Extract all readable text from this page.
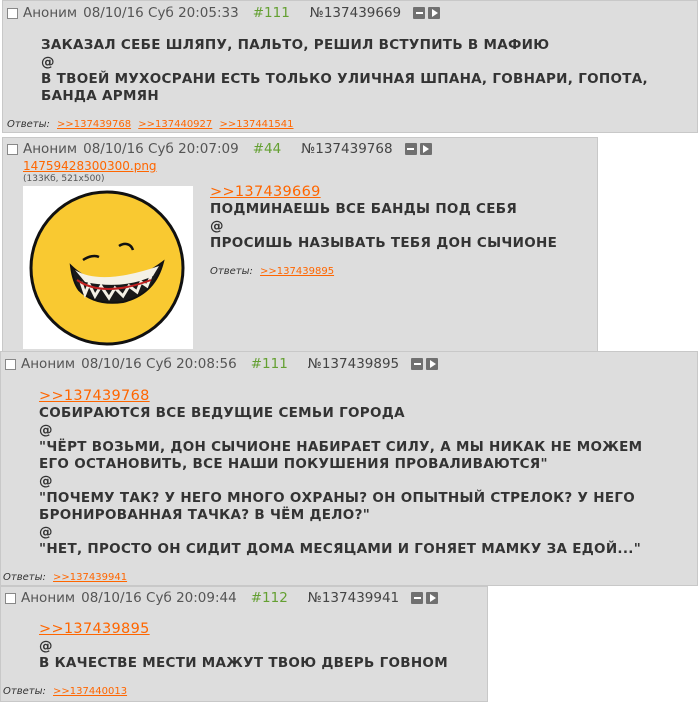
Аноним 08/10/16 Суб 20:05:33 #111 №137439669
ЗАКАЗАЛ СЕБЕ ШЛЯПУ, ПАЛЬТО, РЕШИЛ ВСТУПИТЬ В МАФИЮ
@
В ТВОЕЙ МУХОСРАНИ ЕСТЬ ТОЛЬКО УЛИЧНАЯ ШПАНА, ГОВНАРИ, ГОПОТА,
БАНДА АРМЯН
Ответы: >>137439768 >>137440927 >>137441541
Аноним 08/10/16 Суб 20:07:09 #44 №137439768
14759428300300.png
(133Кб, 521x500)
>>137439669
ПОДМИНАЕШЬ ВСЕ БАНДЫ ПОД СЕБЯ
@
ПРОСИШЬ НАЗЫВАТЬ ТЕБЯ ДОН СЫЧИОНЕ
Ответы: >>137439895
Аноним 08/10/16 Суб 20:08:56 #111 №137439895
>>137439768
СОБИРАЮТСЯ ВСЕ ВЕДУЩИЕ СЕМЬИ ГОРОДА
@
"ЧЁРТ ВОЗЬМИ, ДОН СЫЧИОНЕ НАБИРАЕТ СИЛУ, А МЫ НИКАК НЕ МОЖЕМ
ЕГО ОСТАНОВИТЬ, ВСЕ НАШИ ПОКУШЕНИЯ ПРОВАЛИВАЮТСЯ"
@
"ПОЧЕМУ ТАК? У НЕГО МНОГО ОХРАНЫ? ОН ОПЫТНЫЙ СТРЕЛОК? У НЕГО
БРОНИРОВАННАЯ ТАЧКА? В ЧЁМ ДЕЛО?"
@
"НЕТ, ПРОСТО ОН СИДИТ ДОМА МЕСЯЦАМИ И ГОНЯЕТ МАМКУ ЗА ЕДОЙ..."
Ответы: >>137439941
Аноним 08/10/16 Суб 20:09:44 #112 №137439941
>>137439895
@
В КАЧЕСТВЕ МЕСТИ МАЖУТ ТВОЮ ДВЕРЬ ГОВНОМ
Ответы: >>137440013
